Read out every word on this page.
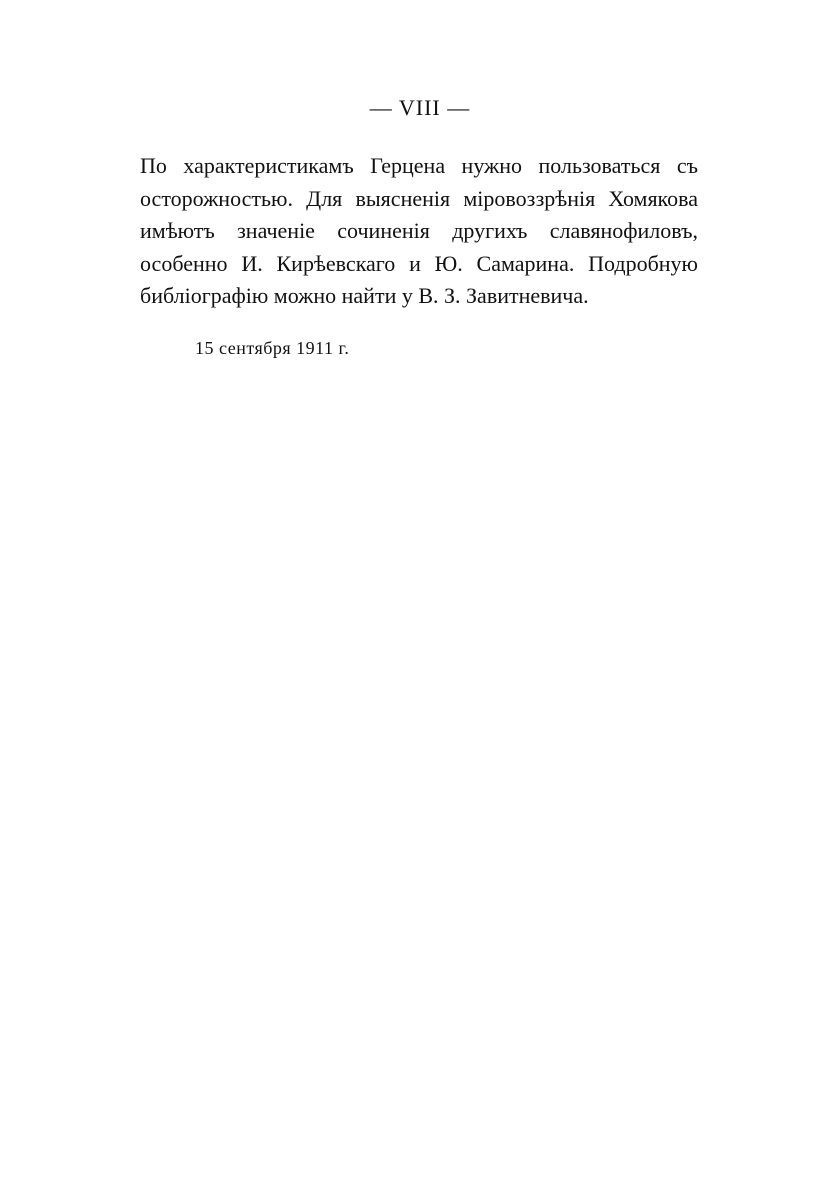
— VIII —
По характеристикамъ Герцена нужно пользоваться съ
осторожностью. Для выясненія міровоззрѣнія Хомякова
имѣютъ значеніе сочиненія другихъ славянофиловъ,
особенно И. Кирѣевскаго и Ю. Самарина. Подробную
библіографію можно найти у В. З. Завитневича.
15 сентября 1911 г.
